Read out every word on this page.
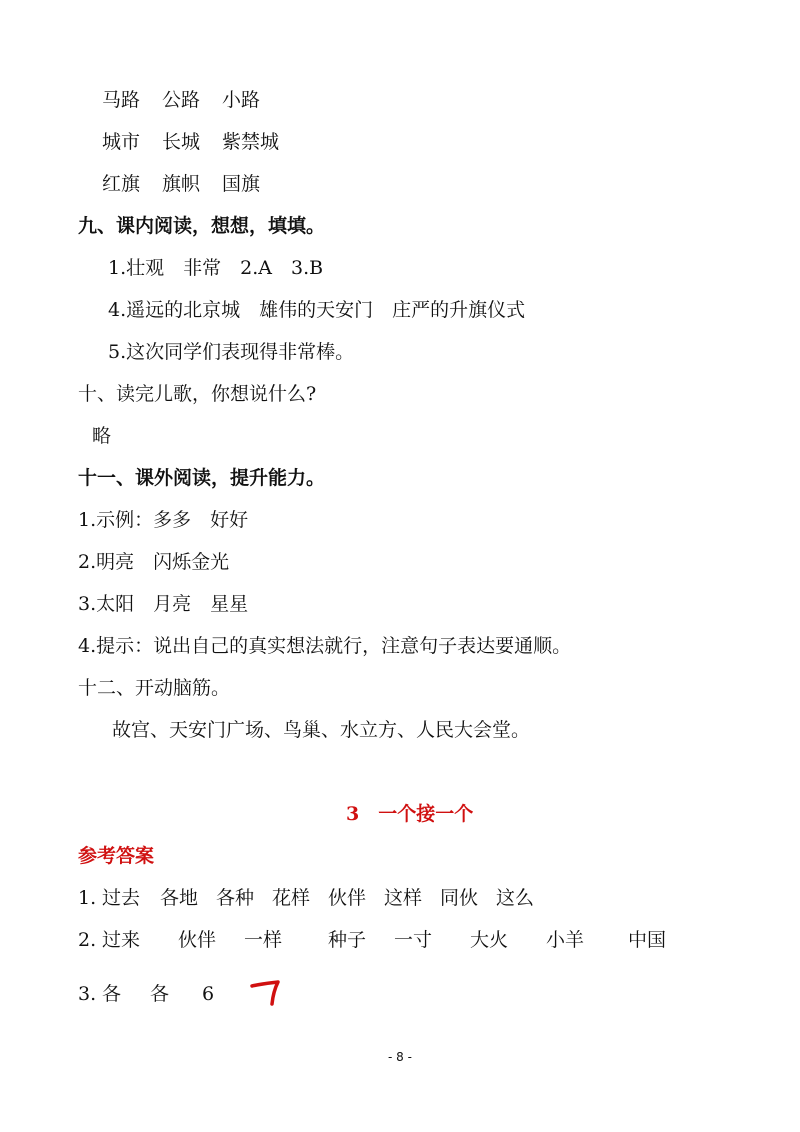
马路 公路 小路
城市 长城 紫禁城
红旗 旗帜 国旗
九、课内阅读，想想，填填。
1.壮观　非常　2.A　3.B
4.遥远的北京城　雄伟的天安门　庄严的升旗仪式
5.这次同学们表现得非常棒。
十、读完儿歌，你想说什么?
略
十一、课外阅读，提升能力。
1.示例：多多　好好
2.明亮　闪烁金光
3.太阳　月亮　星星
4.提示：说出自己的真实想法就行，注意句子表达要通顺。
十二、开动脑筋。
故宫、天安门广场、鸟巢、水立方、人民大会堂。
3　一个接一个
参考答案
1. 过去 各地 各种 花样 伙伴 这样 同伙 这么
2. 过来 伙伴 一样 种子 一寸 大火 小羊 中国
3. 各 各 6
- 8 -
